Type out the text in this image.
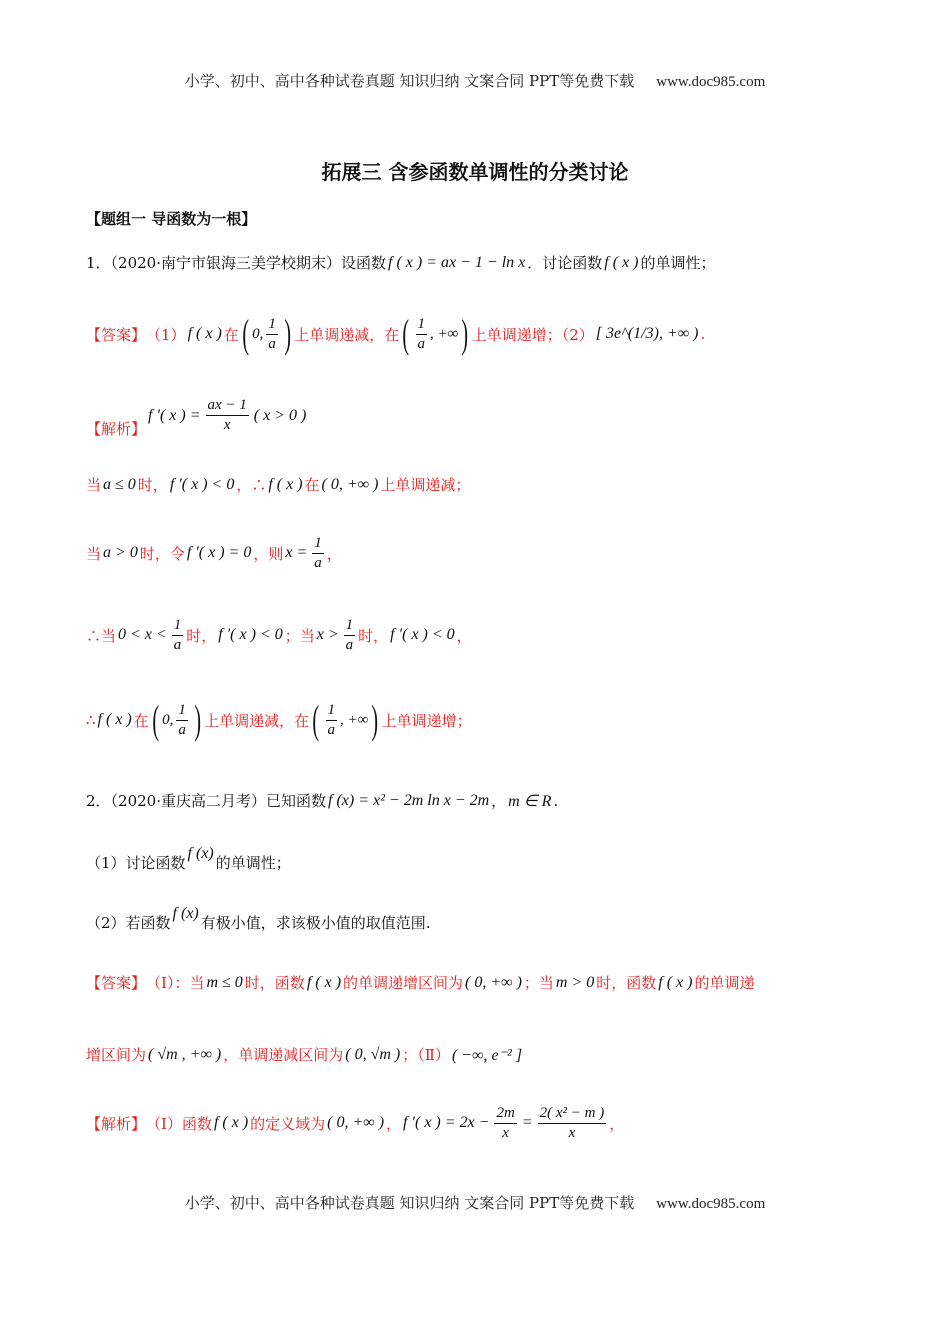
小学、初中、高中各种试卷真题 知识归纳 文案合同 PPT等免费下载 www.doc985.com
拓展三 含参函数单调性的分类讨论
【题组一 导函数为一根】
1．（2020·南宁市银海三美学校期末）设函数 f ( x ) = ax − 1 − ln x ．讨论函数 f ( x ) 的单调性；
【答案】 （1） f ( x ) 在 ( 0, $\frac{1}{a}$ ) 上单调递减，在 ( $\frac{1}{a}$ , +∞ ) 上单调递增；（2） [ 3e^(1/3), +∞ ) .
【解析】
f ′( x ) = $\frac{ax - 1}{x}$ ( x > 0 )
当 a ≤ 0 时， f ′( x ) < 0 ，∴ f ( x ) 在 ( 0, +∞ ) 上单调递减；
当 a > 0 时，令 f ′( x ) = 0 ，则 $x = \frac{1}{a}$ ，
∴当 $0 < x < \frac{1}{a}$ 时， f ′( x ) < 0 ；当 $x > \frac{1}{a}$ 时， f ′( x ) < 0 ，
∴ f ( x ) 在 ( 0, $\frac{1}{a}$ ) 上单调递减，在 ( $\frac{1}{a}$ , +∞ ) 上单调递增；
2．（2020·重庆高二月考）已知函数 f (x) = x² − 2m ln x − 2m ， m ∈ R .
（1）讨论函数
f (x)
的单调性；
（2）若函数
f (x)
有极小值，求该极小值的取值范围.
【答案】 （Ⅰ）：当 m ≤ 0 时，函数 f ( x ) 的单调递增区间为 ( 0, +∞ ) ；当 m > 0 时，函数 f ( x ) 的单调递
增区间为 ( √m , +∞ ) ，单调递减区间为 ( 0, √m ) ；（Ⅱ） ( −∞, e⁻² ]
【解析】 （Ⅰ）函数 f ( x ) 的定义域为 ( 0, +∞ ) ， f ′( x ) = $2x - \frac{2m}{x} = \frac{\text{2( x² − m )}}{x}$ ，
小学、初中、高中各种试卷真题 知识归纳 文案合同 PPT等免费下载 www.doc985.com
